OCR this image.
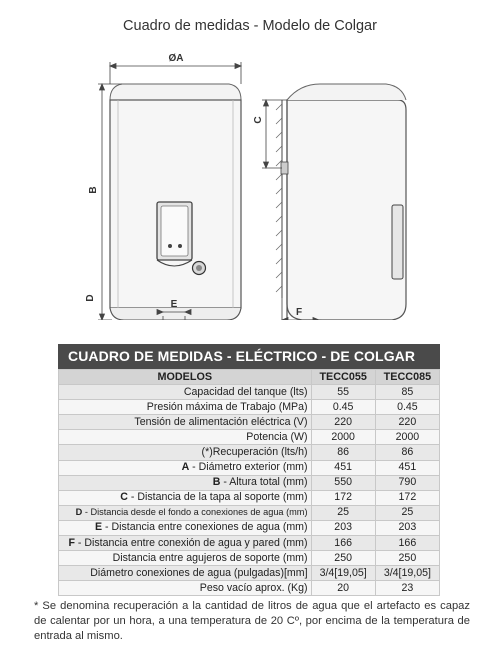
Cuadro de medidas - Modelo de Colgar
ØA
B
D
E
C
F
CUADRO DE MEDIDAS - ELÉCTRICO - DE COLGAR
MODELOS	TECC055	TECC085
Capacidad del tanque (lts)	55	85
Presión máxima de Trabajo (MPa)	0.45	0.45
Tensión de alimentación eléctrica (V)	220	220
Potencia (W)	2000	2000
(*)Recuperación (lts/h)	86	86
A - Diámetro exterior (mm)	451	451
B - Altura total (mm)	550	790
C - Distancia de la tapa al soporte (mm)	172	172
D - Distancia desde el fondo a conexiones de agua (mm)	25	25
E - Distancia entre conexiones de agua (mm)	203	203
F - Distancia entre conexión de agua y pared (mm)	166	166
Distancia entre agujeros de soporte (mm)	250	250
Diámetro conexiones de agua (pulgadas)[mm]	3/4[19,05]	3/4[19,05]
Peso vacío aprox. (Kg)	20	23
* Se denomina recuperación a la cantidad de litros de agua que el artefacto es capaz de calentar por un hora, a una temperatura de 20 Cº, por encima de la temperatura de entrada al mismo.
